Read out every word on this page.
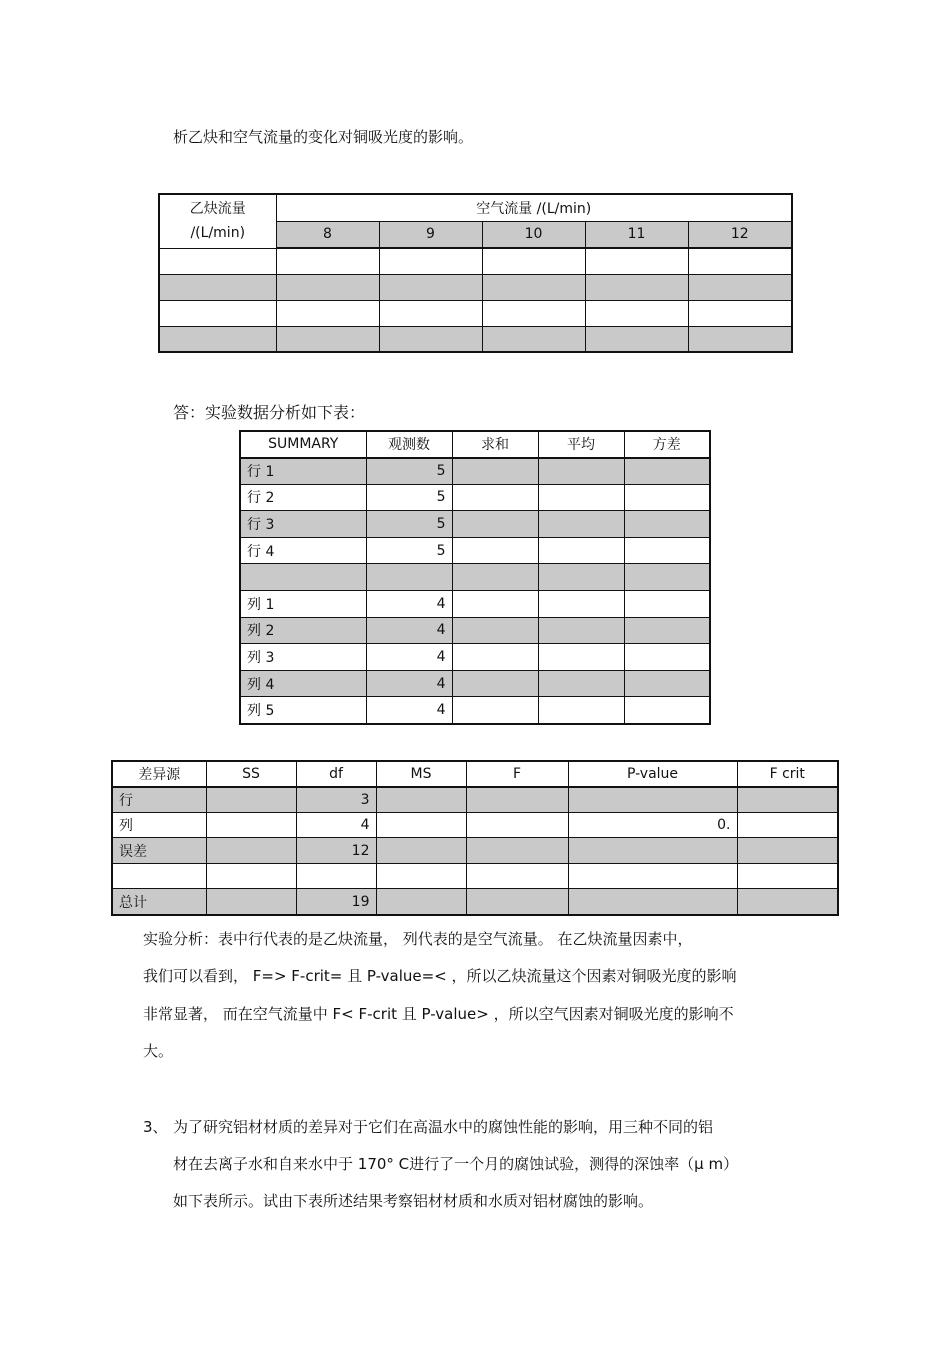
析乙炔和空气流量的变化对铜吸光度的影响。
乙炔流量
/(L/min)	空气流量 /(L/min)				
	8	9	10	11	12

答：实验数据分析如下表：
SUMMARY	观测数	求和	平均	方差
行 1	5			
行 2	5			
行 3	5			
行 4	5			

列 1	4			
列 2	4			
列 3	4			
列 4	4			
列 5	4			
差异源	SS	df	MS	F	P-value	F crit
行		3				
列		4			0.	
误差		12				

总计		19				
实验分析：表中行代表的是乙炔流量， 列代表的是空气流量。 在乙炔流量因素中，
我们可以看到， F=> F-crit= 且 P-value=< ，所以乙炔流量这个因素对铜吸光度的影响
非常显著， 而在空气流量中 F< F-crit 且 P-value> ，所以空气因素对铜吸光度的影响不
大。
3、 为了研究铝材材质的差异对于它们在高温水中的腐蚀性能的影响，用三种不同的铝
材在去离子水和自来水中于 170° C进行了一个月的腐蚀试验，测得的深蚀率（μ m）
如下表所示。试由下表所述结果考察铝材材质和水质对铝材腐蚀的影响。
